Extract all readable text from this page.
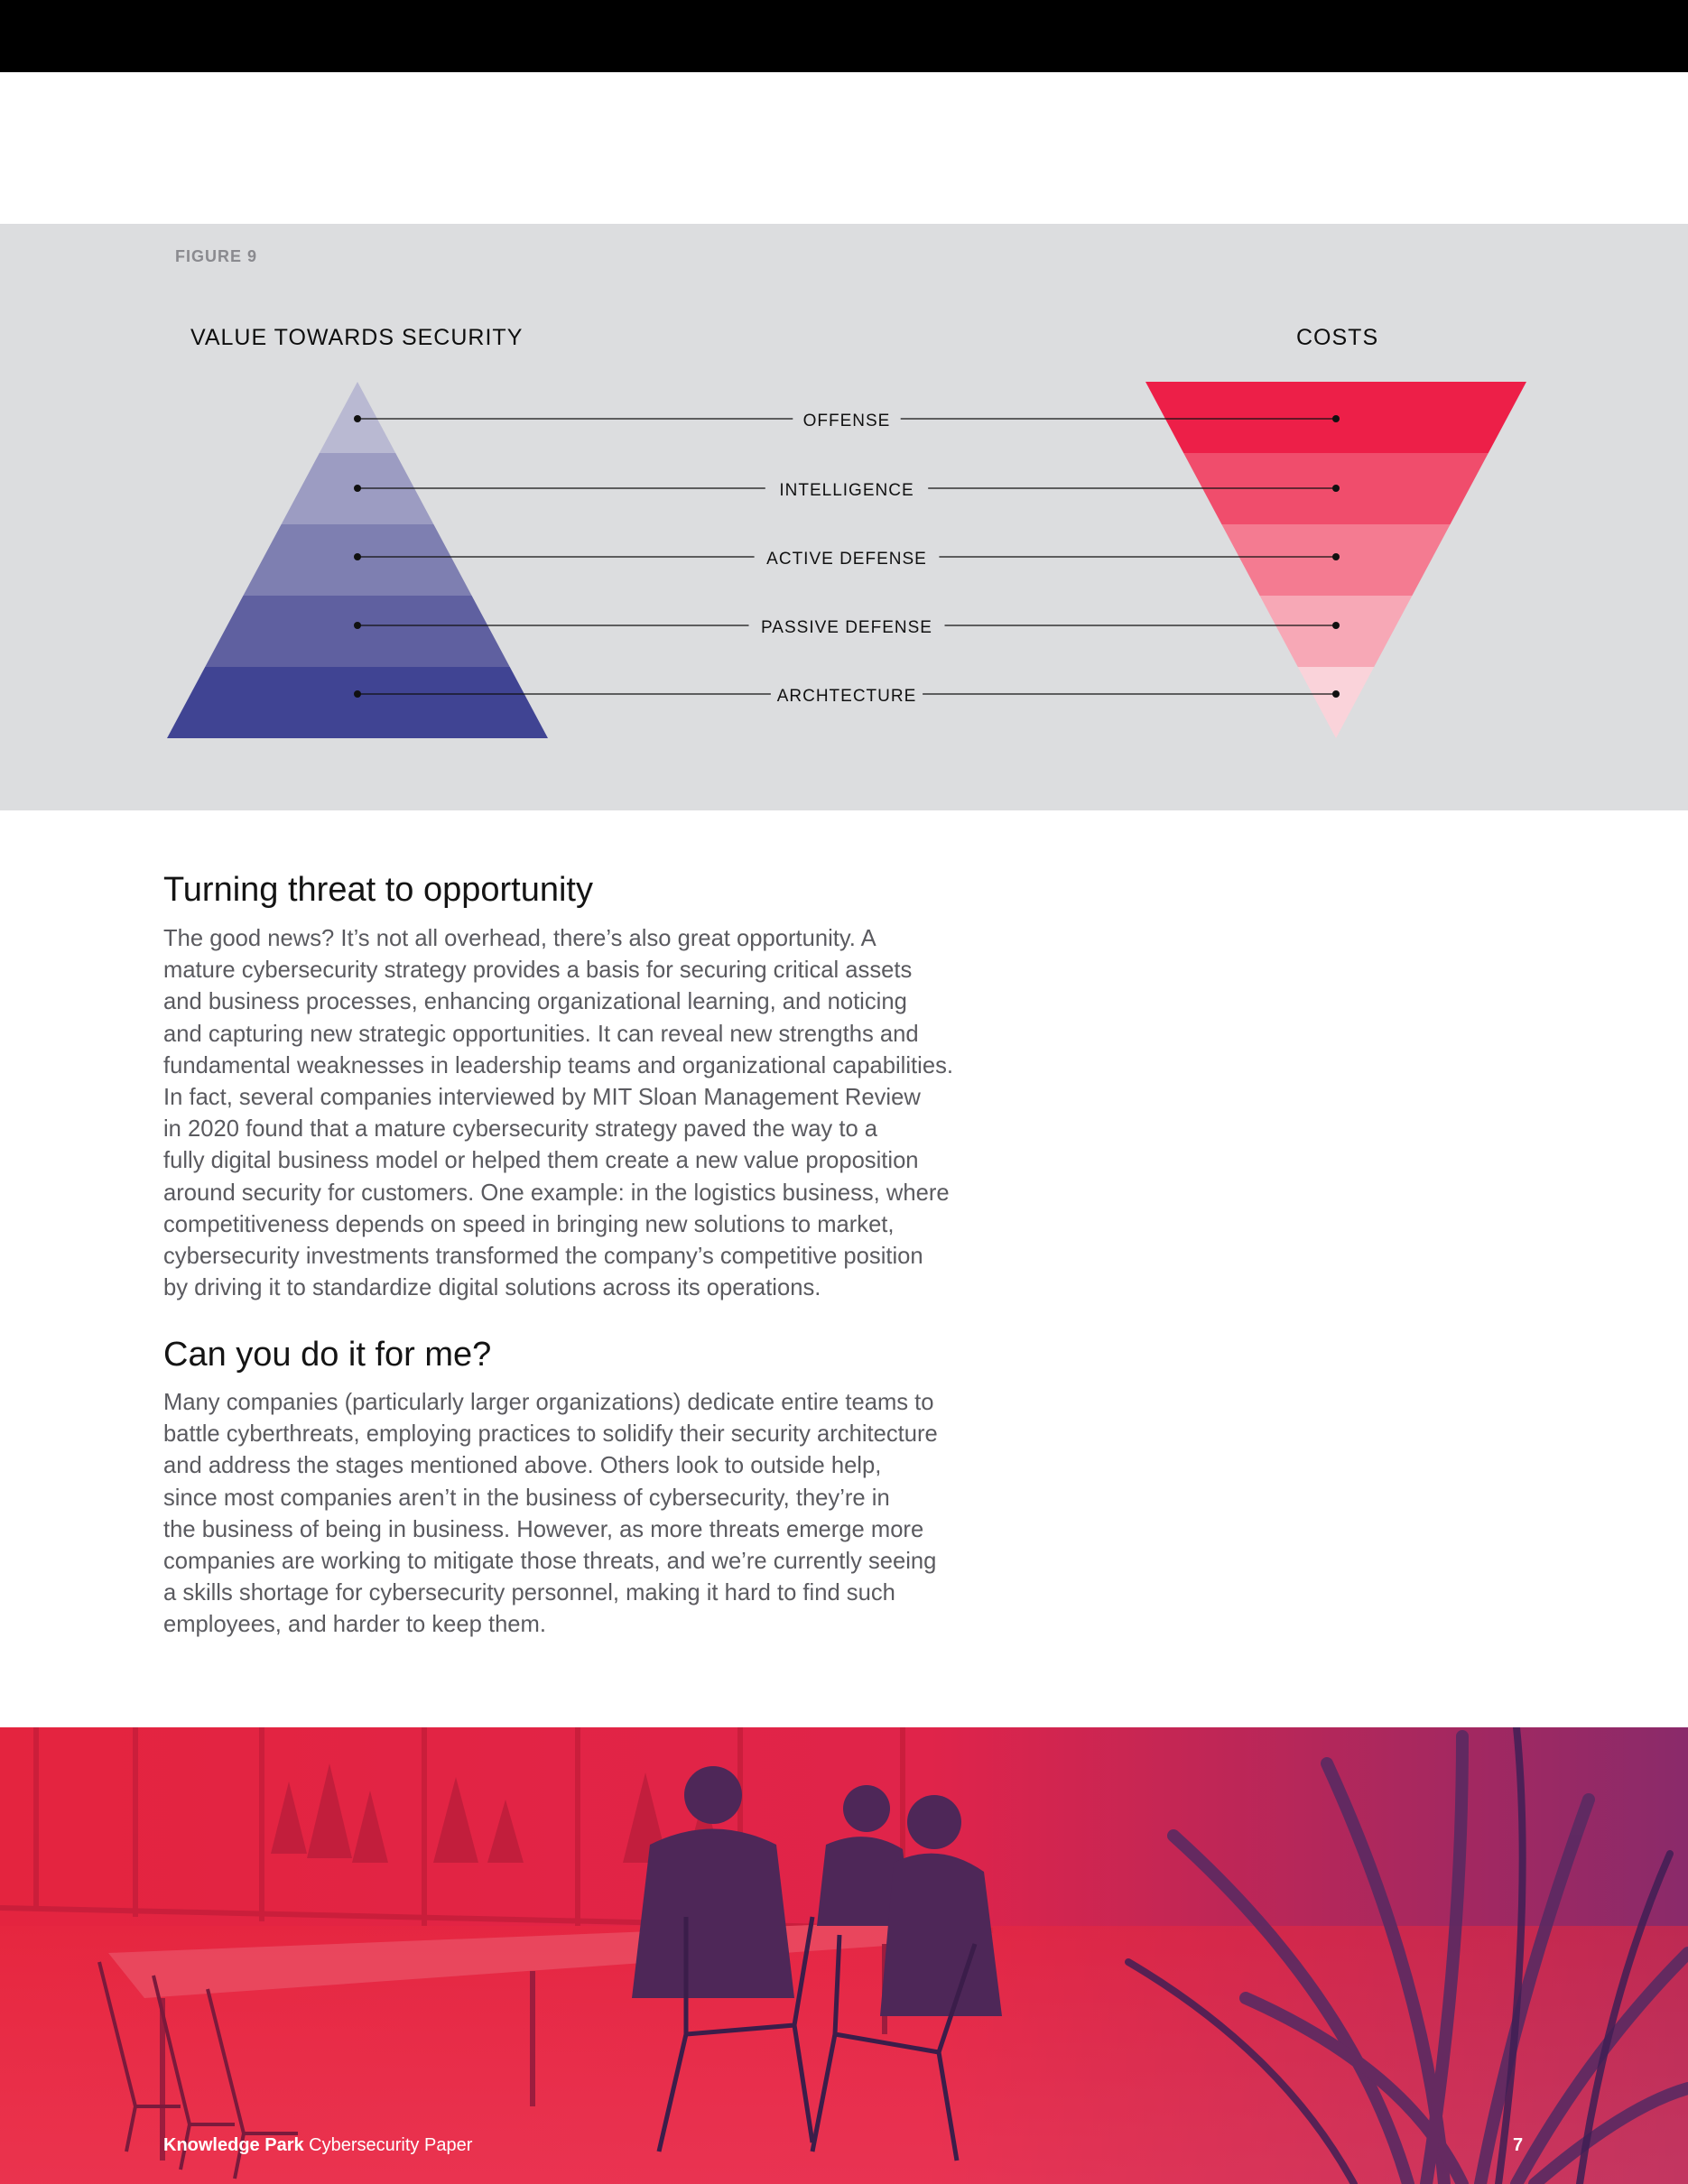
FIGURE 9
VALUE TOWARDS SECURITY	COSTS
OFFENSE
INTELLIGENCE
ACTIVE DEFENSE
PASSIVE DEFENSE
ARCHTECTURE
Turning threat to opportunity

The good news? It’s not all overhead, there’s also great opportunity. A
mature cybersecurity strategy provides a basis for securing critical assets
and business processes, enhancing organizational learning, and noticing
and capturing new strategic opportunities. It can reveal new strengths and
fundamental weaknesses in leadership teams and organizational capabilities.
In fact, several companies interviewed by MIT Sloan Management Review
in 2020 found that a mature cybersecurity strategy paved the way to a
fully digital business model or helped them create a new value proposition
around security for customers. One example: in the logistics business, where
competitiveness depends on speed in bringing new solutions to market,
cybersecurity investments transformed the company’s competitive position
by driving it to standardize digital solutions across its operations.

Can you do it for me?

Many companies (particularly larger organizations) dedicate entire teams to
battle cyberthreats, employing practices to solidify their security architecture
and address the stages mentioned above. Others look to outside help,
since most companies aren’t in the business of cybersecurity, they’re in
the business of being in business. However, as more threats emerge more
companies are working to mitigate those threats, and we’re currently seeing
a skills shortage for cybersecurity personnel, making it hard to find such
employees, and harder to keep them.

Knowledge Park Cybersecurity Paper	7
